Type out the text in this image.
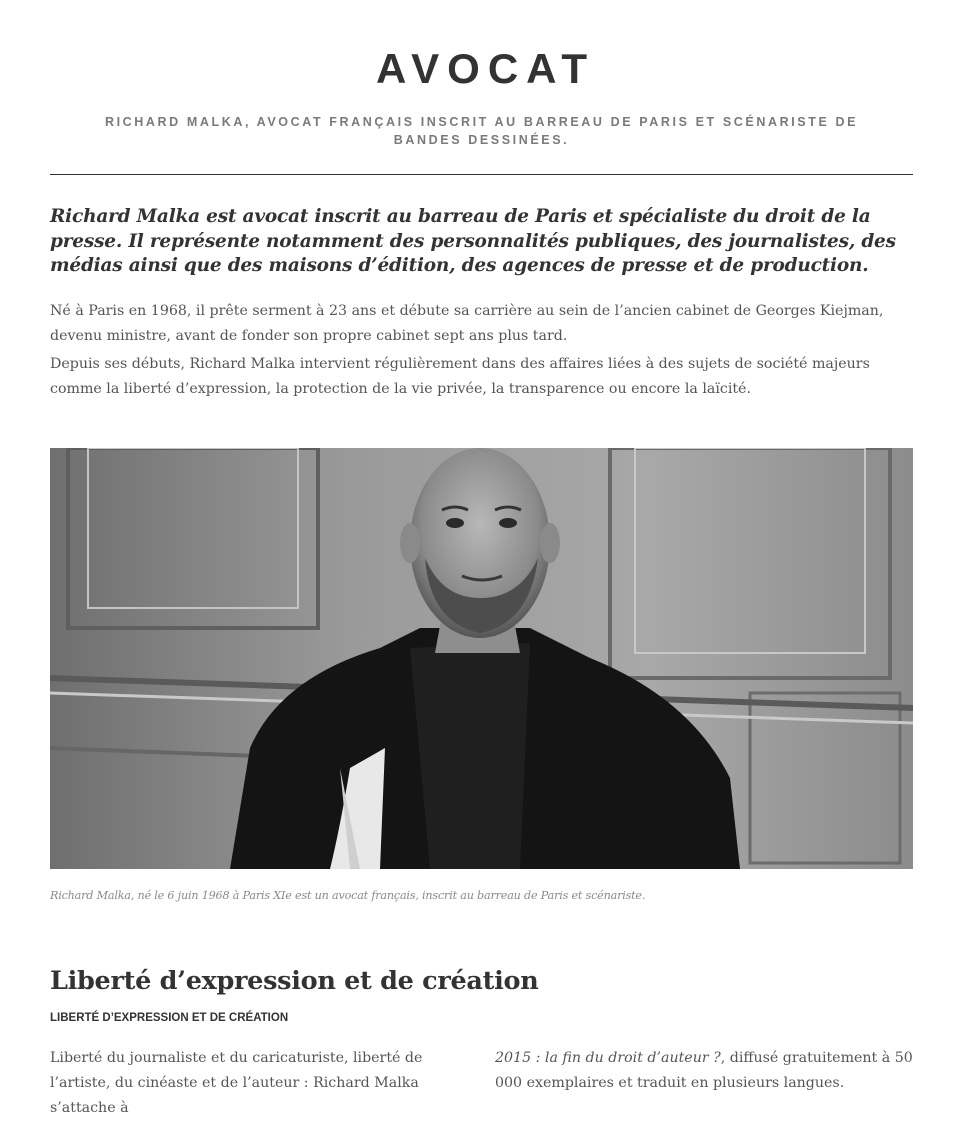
AVOCAT

RICHARD MALKA, AVOCAT FRANÇAIS INSCRIT AU BARREAU DE PARIS ET SCÉNARISTE DE BANDES DESSINÉES.

Richard Malka est avocat inscrit au barreau de Paris et spécialiste du droit de la presse. Il représente notamment des personnalités publiques, des journalistes, des médias ainsi que des maisons d’édition, des agences de presse et de production.

Né à Paris en 1968, il prête serment à 23 ans et débute sa carrière au sein de l’ancien cabinet de Georges Kiejman, devenu ministre, avant de fonder son propre cabinet sept ans plus tard.

Depuis ses débuts, Richard Malka intervient régulièrement dans des affaires liées à des sujets de société majeurs comme la liberté d’expression, la protection de la vie privée, la transparence ou encore la laïcité.

Richard Malka, né le 6 juin 1968 à Paris XIe est un avocat français, inscrit au barreau de Paris et scénariste.

Liberté d’expression et de création

LIBERTÉ D’EXPRESSION ET DE CRÉATION

Liberté du journaliste et du caricaturiste, liberté de l’artiste, du cinéaste et de l’auteur : Richard Malka s’attache à

2015 : la fin du droit d’auteur ?, diffusé gratuitement à 50 000 exemplaires et traduit en plusieurs langues.
